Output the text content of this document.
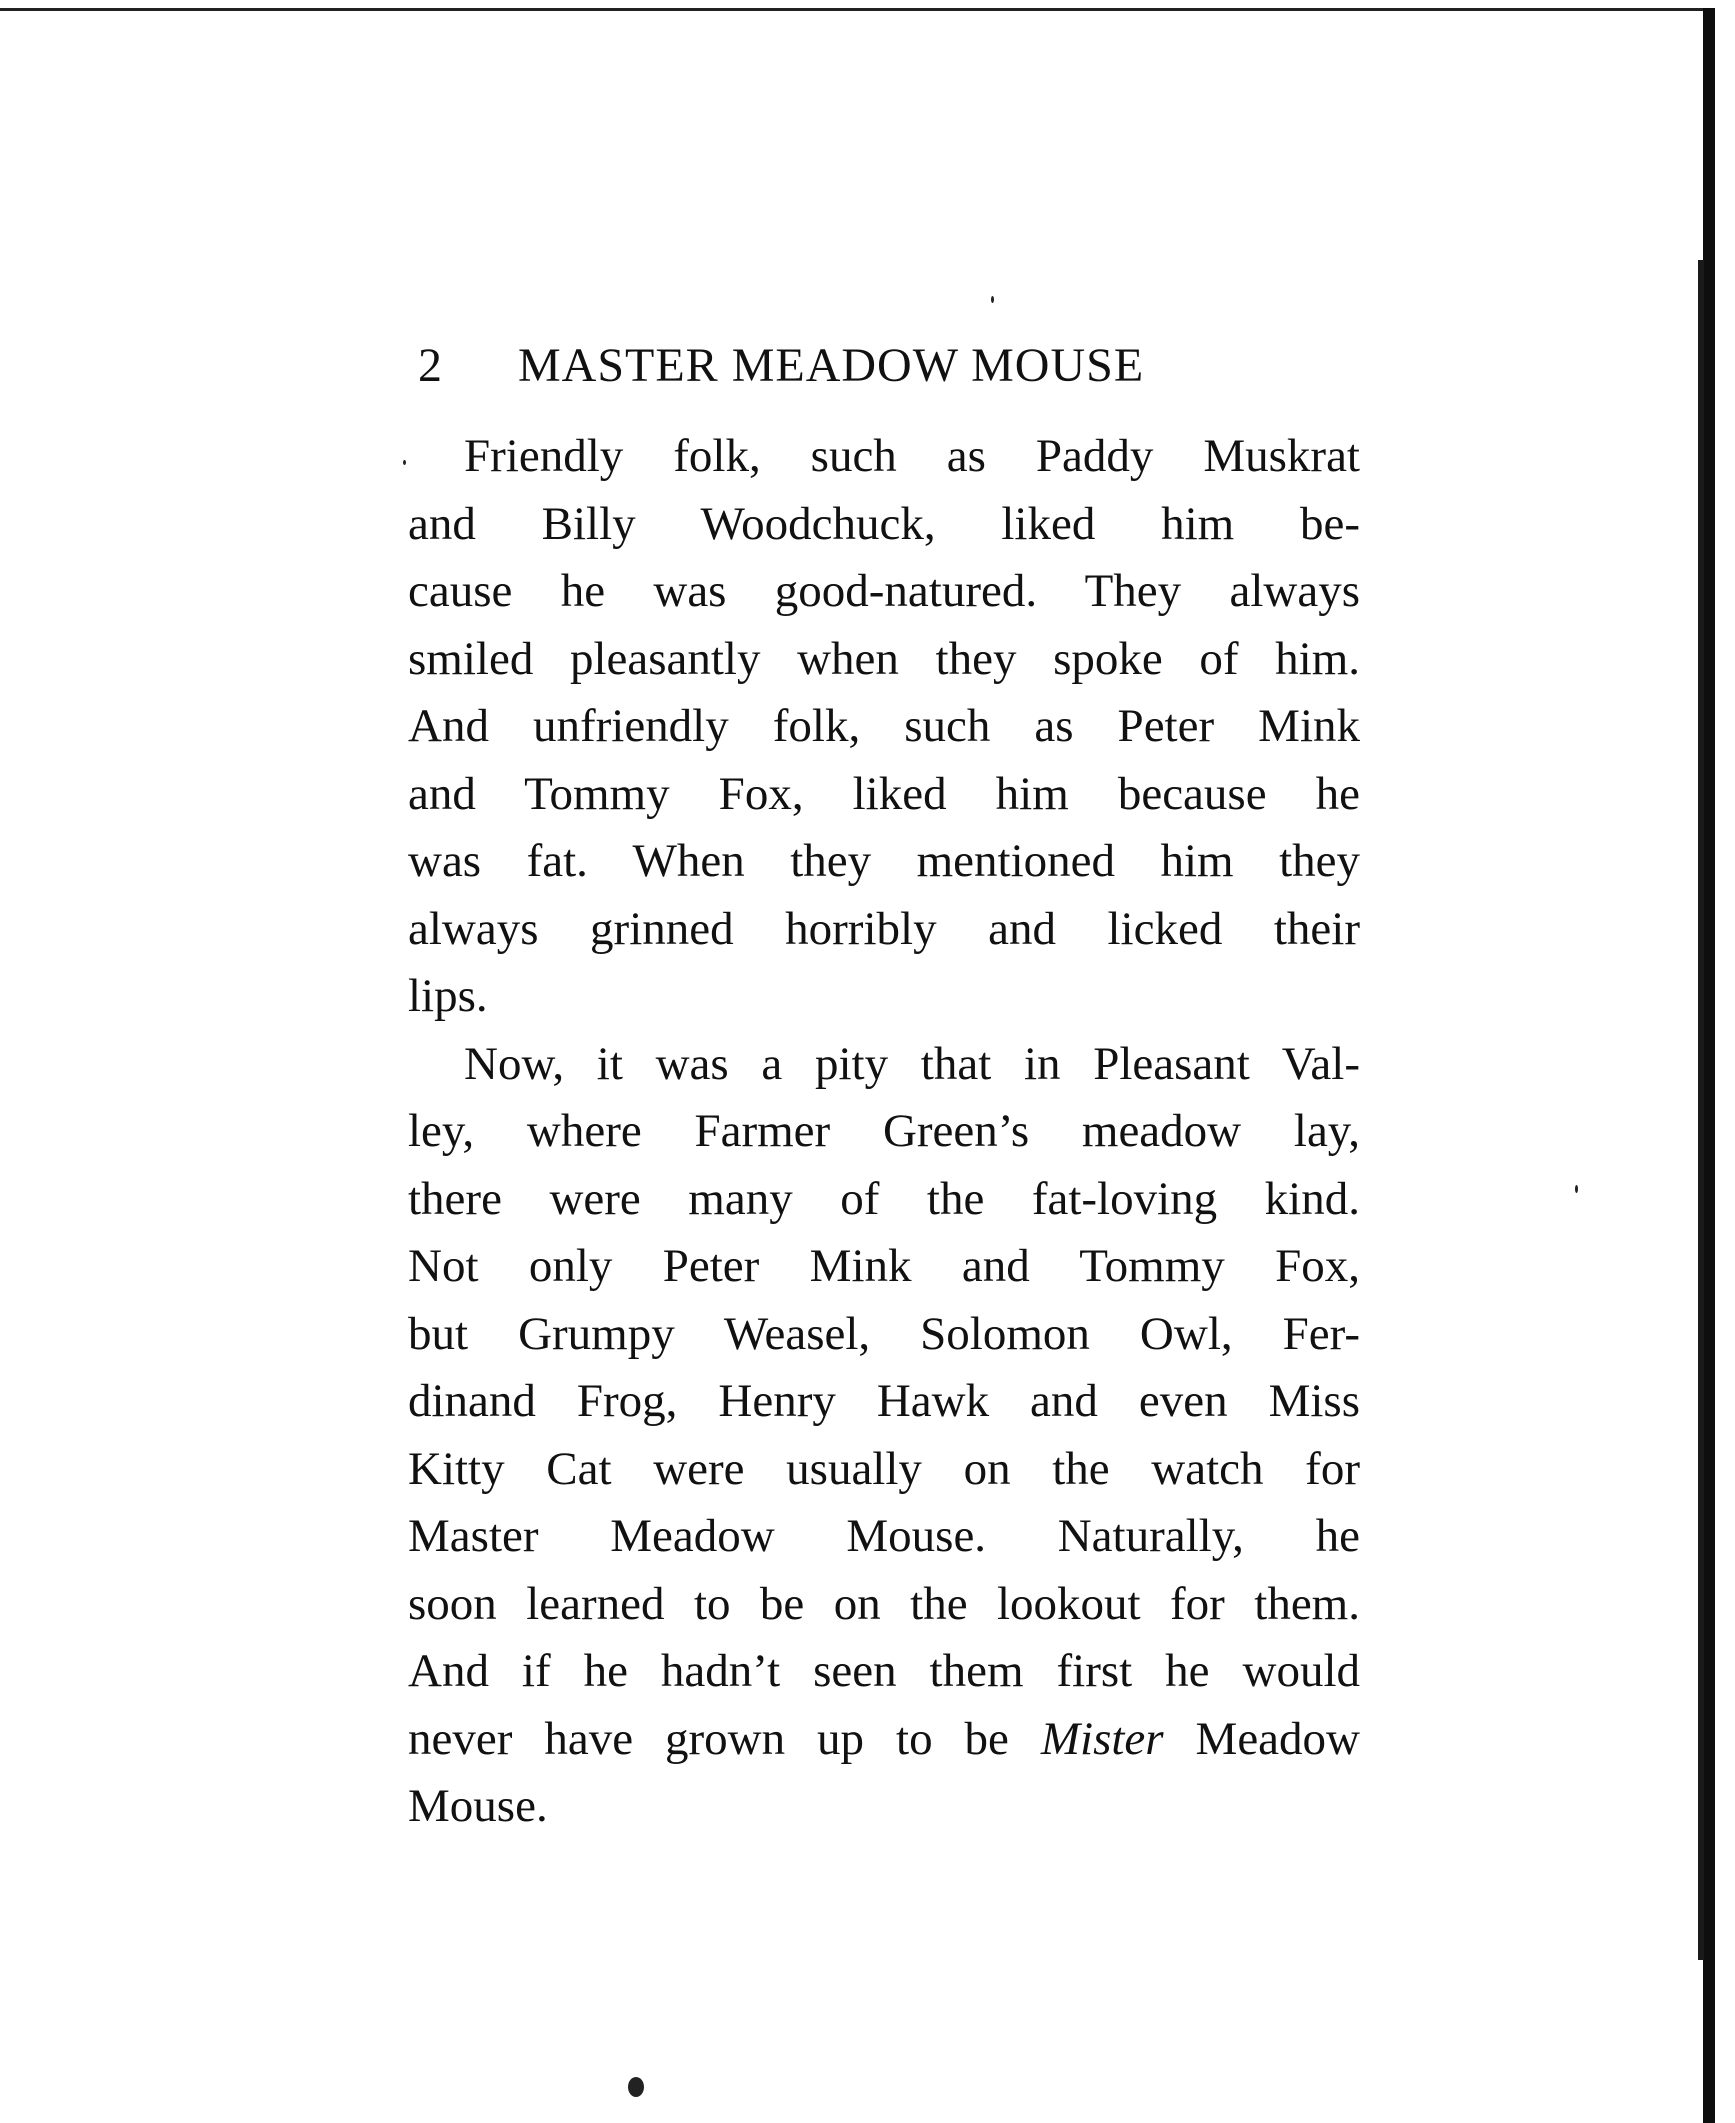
2 MASTER MEADOW MOUSE
Friendly folk, such as Paddy Muskrat
and Billy Woodchuck, liked him be-
cause he was good-natured. They always
smiled pleasantly when they spoke of him.
And unfriendly folk, such as Peter Mink
and Tommy Fox, liked him because he
was fat. When they mentioned him they
always grinned horribly and licked their
lips.
Now, it was a pity that in Pleasant Val-
ley, where Farmer Green’s meadow lay,
there were many of the fat-loving kind.
Not only Peter Mink and Tommy Fox,
but Grumpy Weasel, Solomon Owl, Fer-
dinand Frog, Henry Hawk and even Miss
Kitty Cat were usually on the watch for
Master Meadow Mouse. Naturally, he
soon learned to be on the lookout for them.
And if he hadn’t seen them first he would
never have grown up to be Mister Meadow
Mouse.
